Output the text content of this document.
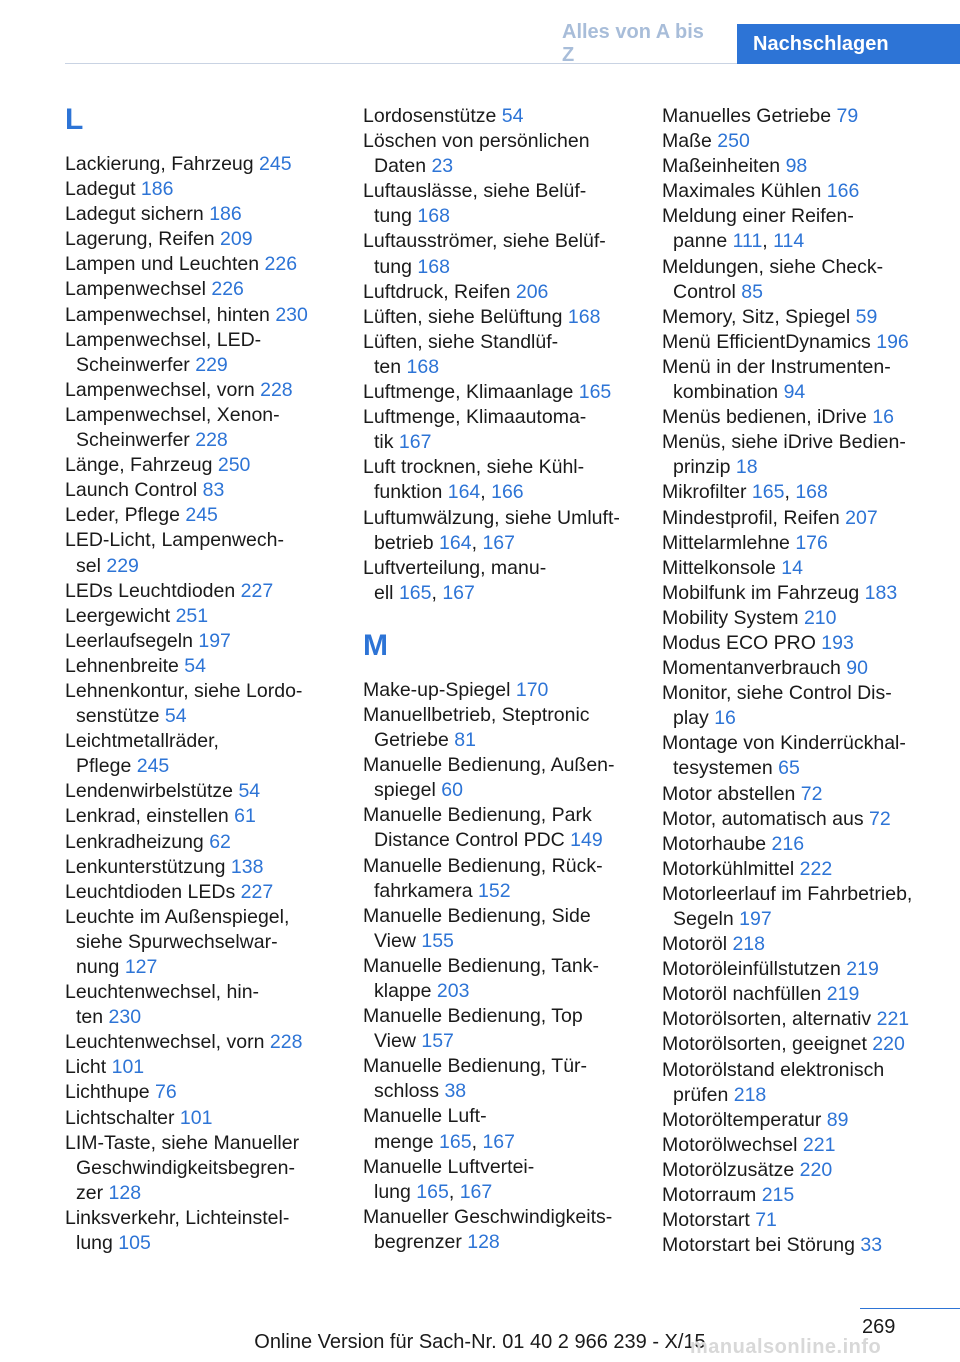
Alles von A bis Z
Nachschlagen
L
Lackierung, Fahrzeug 245
Ladegut 186
Ladegut sichern 186
Lagerung, Reifen 209
Lampen und Leuchten 226
Lampenwechsel 226
Lampenwechsel, hinten 230
Lampenwechsel, LED-
Scheinwerfer 229
Lampenwechsel, vorn 228
Lampenwechsel, Xenon-
Scheinwerfer 228
Länge, Fahrzeug 250
Launch Control 83
Leder, Pflege 245
LED-Licht, Lampenwech-
sel 229
LEDs Leuchtdioden 227
Leergewicht 251
Leerlaufsegeln 197
Lehnenbreite 54
Lehnenkontur, siehe Lordo-
senstütze 54
Leichtmetallräder,
Pflege 245
Lendenwirbelstütze 54
Lenkrad, einstellen 61
Lenkradheizung 62
Lenkunterstützung 138
Leuchtdioden LEDs 227
Leuchte im Außenspiegel,
siehe Spurwechselwar-
nung 127
Leuchtenwechsel, hin-
ten 230
Leuchtenwechsel, vorn 228
Licht 101
Lichthupe 76
Lichtschalter 101
LIM-Taste, siehe Manueller
Geschwindigkeitsbegren-
zer 128
Linksverkehr, Lichteinstel-
lung 105
Lordosenstütze 54
Löschen von persönlichen
Daten 23
Luftauslässe, siehe Belüf-
tung 168
Luftausströmer, siehe Belüf-
tung 168
Luftdruck, Reifen 206
Lüften, siehe Belüftung 168
Lüften, siehe Standlüf-
ten 168
Luftmenge, Klimaanlage 165
Luftmenge, Klimaautoma-
tik 167
Luft trocknen, siehe Kühl-
funktion 164, 166
Luftumwälzung, siehe Umluft-
betrieb 164, 167
Luftverteilung, manu-
ell 165, 167
M
Make-up-Spiegel 170
Manuellbetrieb, Steptronic
Getriebe 81
Manuelle Bedienung, Außen-
spiegel 60
Manuelle Bedienung, Park
Distance Control PDC 149
Manuelle Bedienung, Rück-
fahrkamera 152
Manuelle Bedienung, Side
View 155
Manuelle Bedienung, Tank-
klappe 203
Manuelle Bedienung, Top
View 157
Manuelle Bedienung, Tür-
schloss 38
Manuelle Luft-
menge 165, 167
Manuelle Luftvertei-
lung 165, 167
Manueller Geschwindigkeits-
begrenzer 128
Manuelles Getriebe 79
Maße 250
Maßeinheiten 98
Maximales Kühlen 166
Meldung einer Reifen-
panne 111, 114
Meldungen, siehe Check-
Control 85
Memory, Sitz, Spiegel 59
Menü EfficientDynamics 196
Menü in der Instrumenten-
kombination 94
Menüs bedienen, iDrive 16
Menüs, siehe iDrive Bedien-
prinzip 18
Mikrofilter 165, 168
Mindestprofil, Reifen 207
Mittelarmlehne 176
Mittelkonsole 14
Mobilfunk im Fahrzeug 183
Mobility System 210
Modus ECO PRO 193
Momentanverbrauch 90
Monitor, siehe Control Dis-
play 16
Montage von Kinderrückhal-
tesystemen 65
Motor abstellen 72
Motor, automatisch aus 72
Motorhaube 216
Motorkühlmittel 222
Motorleerlauf im Fahrbetrieb,
Segeln 197
Motoröl 218
Motoröleinfüllstutzen 219
Motoröl nachfüllen 219
Motorölsorten, alternativ 221
Motorölsorten, geeignet 220
Motorölstand elektronisch
prüfen 218
Motoröltemperatur 89
Motorölwechsel 221
Motorölzusätze 220
Motorraum 215
Motorstart 71
Motorstart bei Störung 33
269
Online Version für Sach-Nr. 01 40 2 966 239 - X/15
manualsonline.info
